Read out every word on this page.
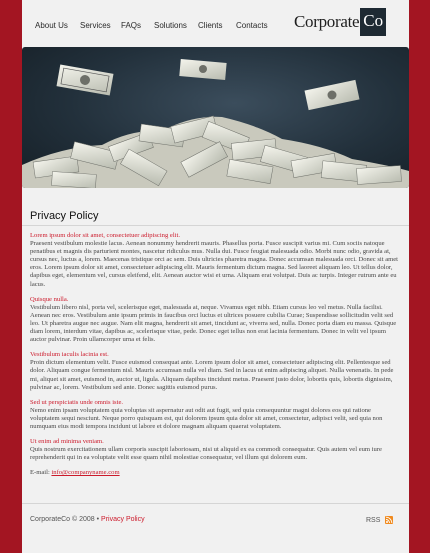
About Us Services FAQs Solutions Clients Contacts Corporate Co
Privacy Policy
Lorem ipsum dolor sit amet, consectetuer adipiscing elit.
Praesent vestibulum molestie lacus. Aenean nonummy hendrerit mauris. Phasellus porta. Fusce suscipit varius mi. Cum sociis natoque penatibus et magnis dis parturient montes, nascetur ridiculus mus. Nulla dui. Fusce feugiat malesuada odio. Morbi nunc odio, gravida at, cursus nec, luctus a, lorem. Maecenas tristique orci ac sem. Duis ultricies pharetra magna. Donec accumsan malesuada orci. Donec sit amet eros. Lorem ipsum dolor sit amet, consectetuer adipiscing elit. Mauris fermentum dictum magna. Sed laoreet aliquam leo. Ut tellus dolor, dapibus eget, elementum vel, cursus eleifend, elit. Aenean auctor wisi et urna. Aliquam erat volutpat. Duis ac turpis. Integer rutrum ante eu lacus.
Quisque nulla.
Vestibulum libero nisl, porta vel, scelerisque eget, malesuada at, neque. Vivamus eget nibh. Etiam cursus leo vel metus. Nulla facilisi. Aenean nec eros. Vestibulum ante ipsum primis in faucibus orci luctus et ultrices posuere cubilia Curae; Suspendisse sollicitudin velit sed leo. Ut pharetra augue nec augue. Nam elit magna, hendrerit sit amet, tincidunt ac, viverra sed, nulla. Donec porta diam eu massa. Quisque diam lorem, interdum vitae, dapibus ac, scelerisque vitae, pede. Donec eget tellus non erat lacinia fermentum. Donec in velit vel ipsum auctor pulvinar. Proin ullamcorper urna et felis.
Vestibulum iaculis lacinia est.
Proin dictum elementum velit. Fusce euismod consequat ante. Lorem ipsum dolor sit amet, consectetuer adipiscing elit. Pellentesque sed dolor. Aliquam congue fermentum nisl. Mauris accumsan nulla vel diam. Sed in lacus ut enim adipiscing aliquet. Nulla venenatis. In pede mi, aliquet sit amet, euismod in, auctor ut, ligula. Aliquam dapibus tincidunt metus. Praesent justo dolor, lobortis quis, lobortis dignissim, pulvinar ac, lorem. Vestibulum sed ante. Donec sagittis euismod purus.
Sed ut perspiciatis unde omnis iste.
Nemo enim ipsam voluptatem quia voluptas sit aspernatur aut odit aut fugit, sed quia consequuntur magni dolores eos qui ratione voluptatem sequi nesciunt. Neque porro quisquam est, qui dolorem ipsum quia dolor sit amet, consectetur, adipisci velit, sed quia non numquam eius modi tempora incidunt ut labore et dolore magnam aliquam quaerat voluptatem.
Ut enim ad minima veniam.
Quis nostrum exercitationem ullam corporis suscipit laboriosam, nisi ut aliquid ex ea commodi consequatur. Quis autem vel eum iure reprehenderit qui in ea voluptate velit esse quam nihil molestiae consequatur, vel illum qui dolorem eum.
E-mail: info@companyname.com
CorporateCo © 2008 • Privacy Policy	RSS
